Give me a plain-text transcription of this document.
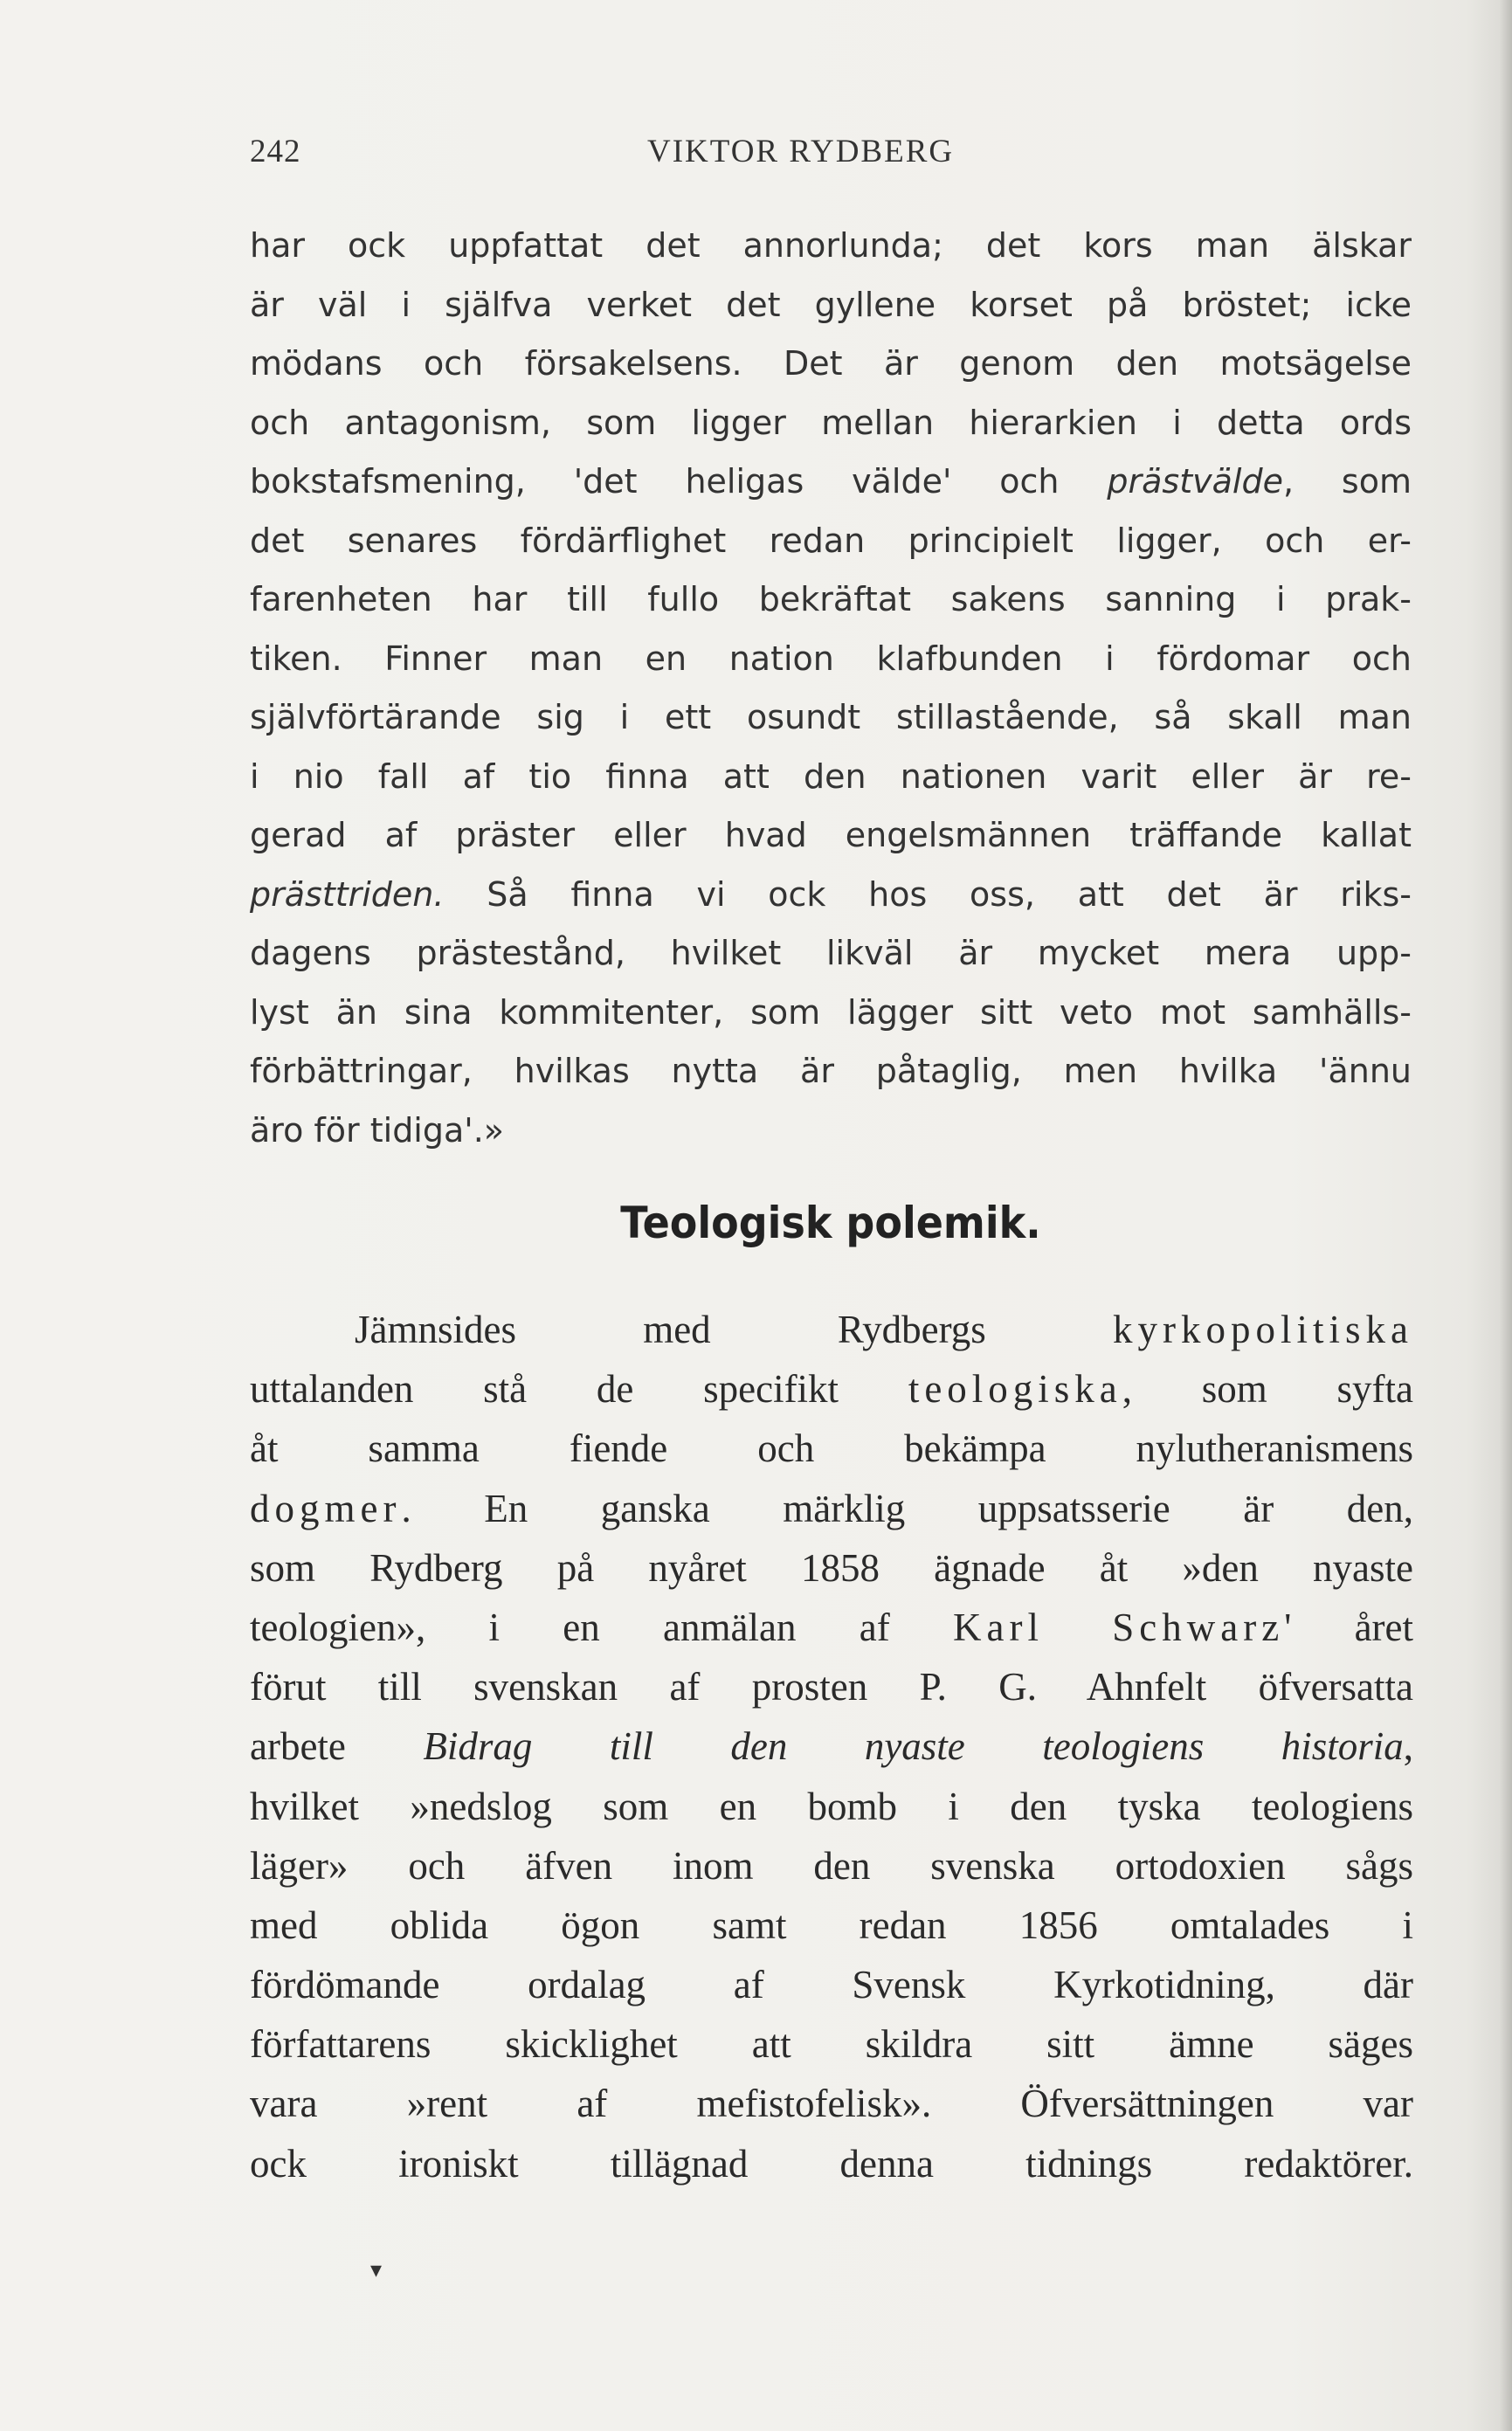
242	VIKTOR RYDBERG
har ock uppfattat det annorlunda; det kors man älskar
är väl i själfva verket det gyllene korset på bröstet; icke
mödans och försakelsens. Det är genom den motsägelse
och antagonism, som ligger mellan hierarkien i detta ords
bokstafsmening, 'det heligas välde' och prästvälde, som
det senares fördärflighet redan principielt ligger, och er-
farenheten har till fullo bekräftat sakens sanning i prak-
tiken. Finner man en nation klafbunden i fördomar och
självförtärande sig i ett osundt stillastående, så skall man
i nio fall af tio finna att den nationen varit eller är re-
gerad af präster eller hvad engelsmännen träffande kallat
prästtriden. Så finna vi ock hos oss, att det är riks-
dagens prästestånd, hvilket likväl är mycket mera upp-
lyst än sina kommitenter, som lägger sitt veto mot samhälls-
förbättringar, hvilkas nytta är påtaglig, men hvilka 'ännu
äro för tidiga'.»
Teologisk polemik.
Jämnsides med Rydbergs kyrkopolitiska
uttalanden stå de specifikt teologiska, som syfta
åt samma fiende och bekämpa nylutheranismens
dogmer. En ganska märklig uppsatsserie är den,
som Rydberg på nyåret 1858 ägnade åt »den nyaste
teologien», i en anmälan af Karl Schwarz' året
förut till svenskan af prosten P. G. Ahnfelt öfversatta
arbete Bidrag till den nyaste teologiens historia,
hvilket »nedslog som en bomb i den tyska teologiens
läger» och äfven inom den svenska ortodoxien sågs
med oblida ögon samt redan 1856 omtalades i
fördömande ordalag af Svensk Kyrkotidning, där
författarens skicklighet att skildra sitt ämne säges
vara »rent af mefistofelisk». Öfversättningen var
ock ironiskt tillägnad denna tidnings redaktörer.
▾
